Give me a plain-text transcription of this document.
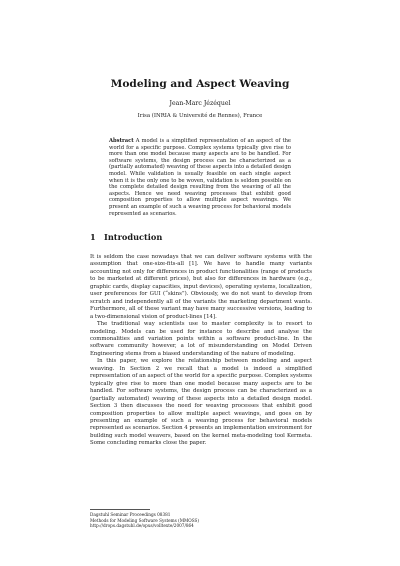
Modeling and Aspect Weaving
Jean-Marc Jézéquel
Irisa (INRIA & Université de Rennes), France
Abstract A model is a simplified representation of an aspect of the world for a specific purpose. Complex systems typically give rise to more than one model because many aspects are to be handled. For software systems, the design process can be characterized as a (partially automated) weaving of these aspects into a detailed design model. While validation is usually feasible on each single aspect when it is the only one to be woven, validation is seldom possible on the complete detailed design resulting from the weaving of all the aspects. Hence we need weaving processes that exhibit good composition properties to allow multiple aspect weavings. We present an example of such a weaving process for behavioral models represented as scenarios.
1 Introduction

It is seldom the case nowadays that we can deliver software systems with the assumption that one-size-fits-all [1]. We have to handle many variants accounting not only for differences in product functionalities (range of products to be marketed at different prices), but also for differences in hardware (e.g., graphic cards, display capacities, input devices), operating systems, localization, user preferences for GUI (“skins”). Obviously, we do not want to develop from scratch and independently all of the variants the marketing department wants. Furthermore, all of these variant may have many successive versions, leading to a two-dimensional vision of product-lines [14].

The traditional way scientists use to master complexity is to resort to modeling. Models can be used for instance to describe and analyse the commonalities and variation points within a software product-line. In the software community however, a lot of misunderstanding on Model Driven Engineering stems from a biased understanding of the nature of modeling.

In this paper, we explore the relationship between modeling and aspect weaving. In Section 2 we recall that a model is indeed a simplified representation of an aspect of the world for a specific purpose. Complex systems typically give rise to more than one model because many aspects are to be handled. For software systems, the design process can be characterized as a (partially automated) weaving of these aspects into a detailed design model. Section 3 then discusses the need for weaving processes that exhibit good composition properties to allow multiple aspect weavings, and goes on by presenting an example of such a weaving process for behavioral models represented as scenarios. Section 4 presents an implementation environment for building such model weavers, based on the kernel meta-modeling tool Kermeta. Some concluding remarks close the paper.

Dagstuhl Seminar Proceedings 08381
Methods for Modeling Software Systems (MMOSS)
http://drops.dagstuhl.de/opus/volltexte/2007/864
